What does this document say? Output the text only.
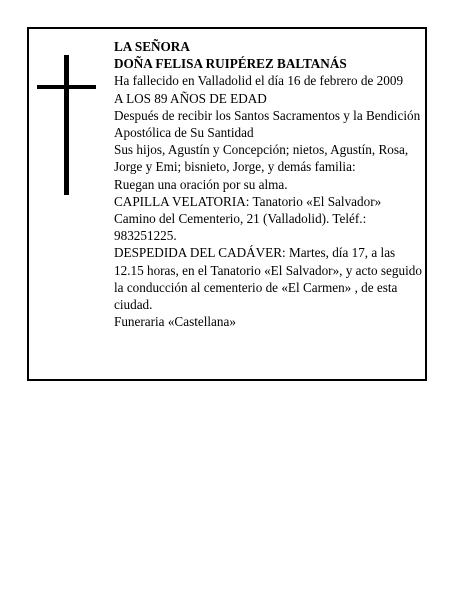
LA SEÑORA
DOÑA FELISA RUIPÉREZ BALTANÁS
Ha fallecido en Valladolid el día 16 de febrero de 2009
A LOS 89 AÑOS DE EDAD
Después de recibir los Santos Sacramentos y la Bendición Apostólica de Su Santidad
Sus hijos, Agustín y Concepción; nietos, Agustín, Rosa, Jorge y Emi; bisnieto, Jorge, y demás familia:
Ruegan una oración por su alma.
CAPILLA VELATORIA: Tanatorio «El Salvador» Camino del Cementerio, 21 (Valladolid). Teléf.: 983251225.
DESPEDIDA DEL CADÁVER: Martes, día 17, a las 12.15 horas, en el Tanatorio «El Salvador», y acto seguido la conducción al cementerio de «El Carmen» , de esta ciudad.
Funeraria «Castellana»
